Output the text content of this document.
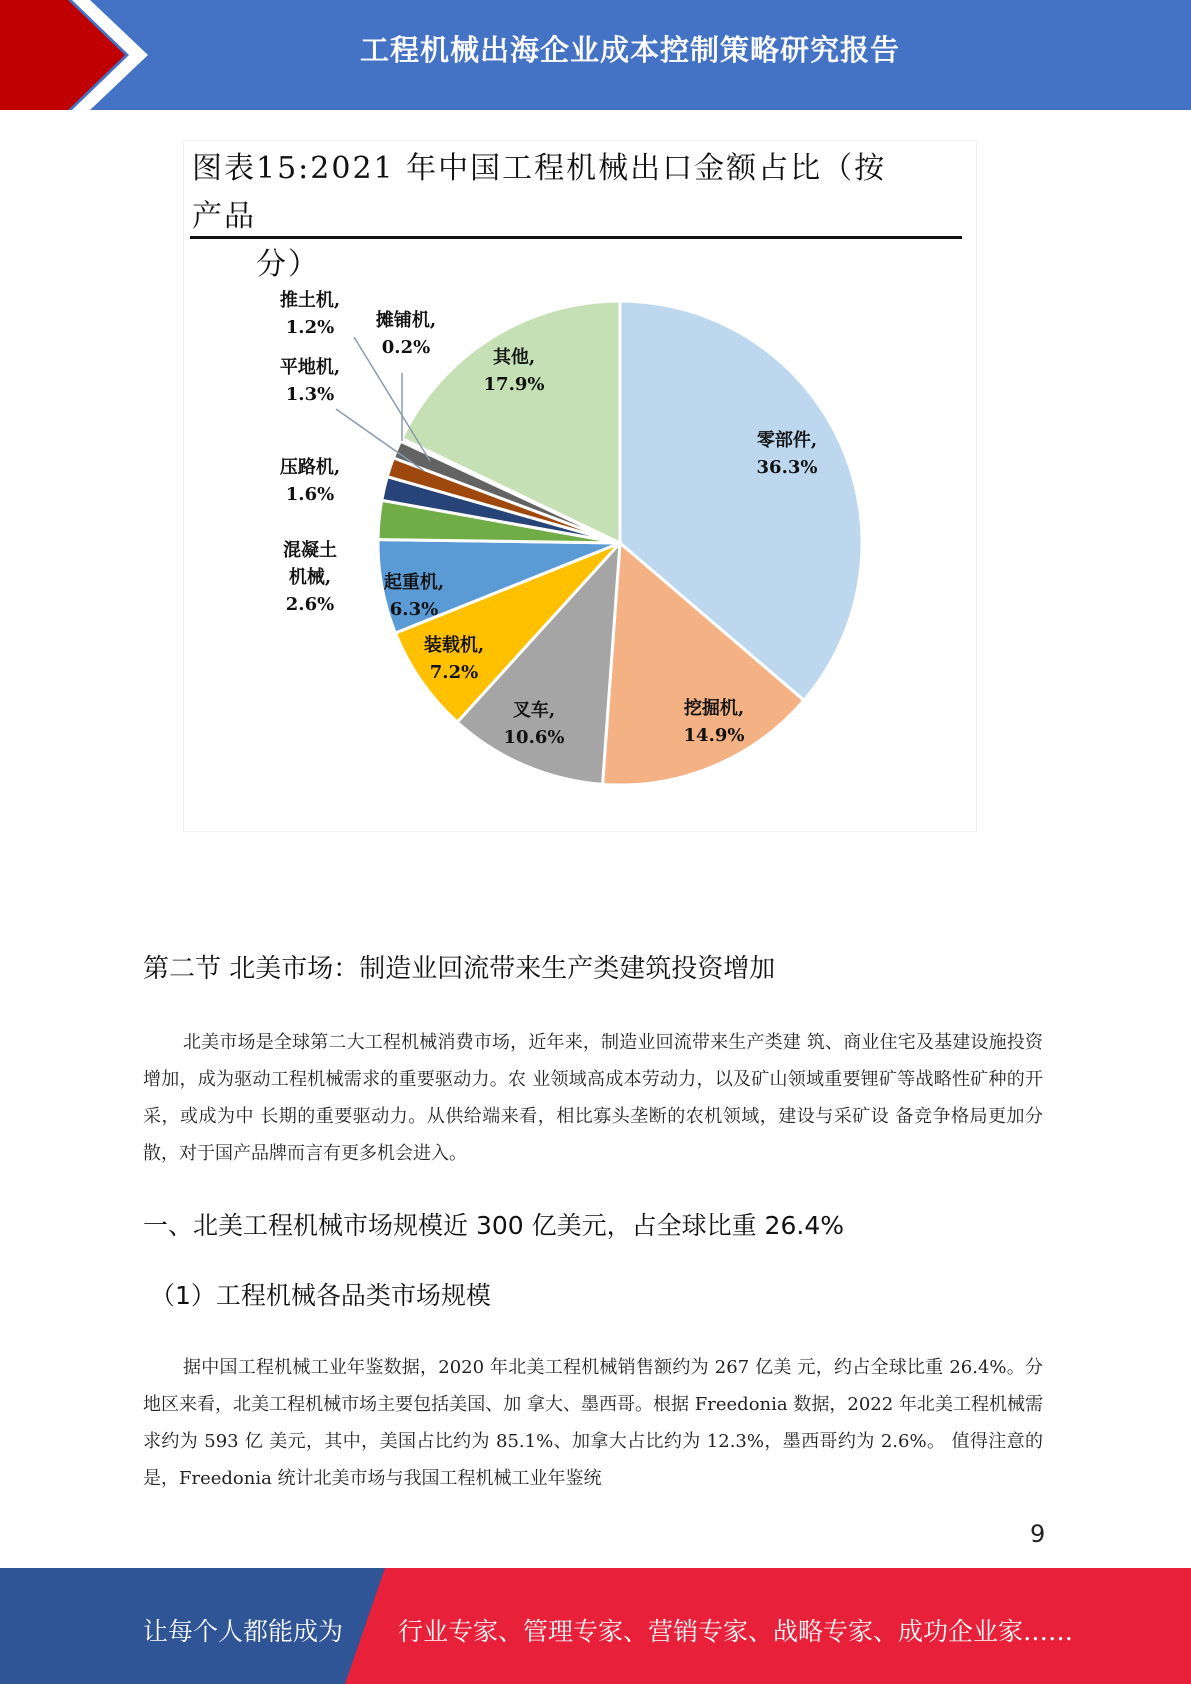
工程机械出海企业成本控制策略研究报告
图表15:2021 年中国工程机械出口金额占比（按产品
分）
零部件,
36.3%
挖掘机,
14.9%
叉车,
10.6%
装载机,
7.2%
起重机,
6.3%
混凝土
机械,
2.6%
压路机,
1.6%
平地机,
1.3%
推土机,
1.2% 摊铺机,
0.2%	其他,
17.9%
第二节 北美市场：制造业回流带来生产类建筑投资增加

北美市场是全球第二大工程机械消费市场，近年来，制造业回流带来生产类建 筑、商业住宅及基建设施投资增加，成为驱动工程机械需求的重要驱动力。农 业领域高成本劳动力，以及矿山领域重要锂矿等战略性矿种的开采，或成为中 长期的重要驱动力。从供给端来看，相比寡头垄断的农机领域，建设与采矿设 备竞争格局更加分散，对于国产品牌而言有更多机会进入。

一、北美工程机械市场规模近 300 亿美元，占全球比重 26.4%
（1）工程机械各品类市场规模

据中国工程机械工业年鉴数据，2020 年北美工程机械销售额约为 267 亿美 元，约占全球比重 26.4%。分地区来看，北美工程机械市场主要包括美国、加 拿大、墨西哥。根据 Freedonia 数据，2022 年北美工程机械需求约为 593 亿 美元，其中，美国占比约为 85.1%、加拿大占比约为 12.3%，墨西哥约为 2.6%。 值得注意的是，Freedonia 统计北美市场与我国工程机械工业年鉴统

9
让每个人都能成为 行业专家、管理专家、营销专家、战略专家、成功企业家……
